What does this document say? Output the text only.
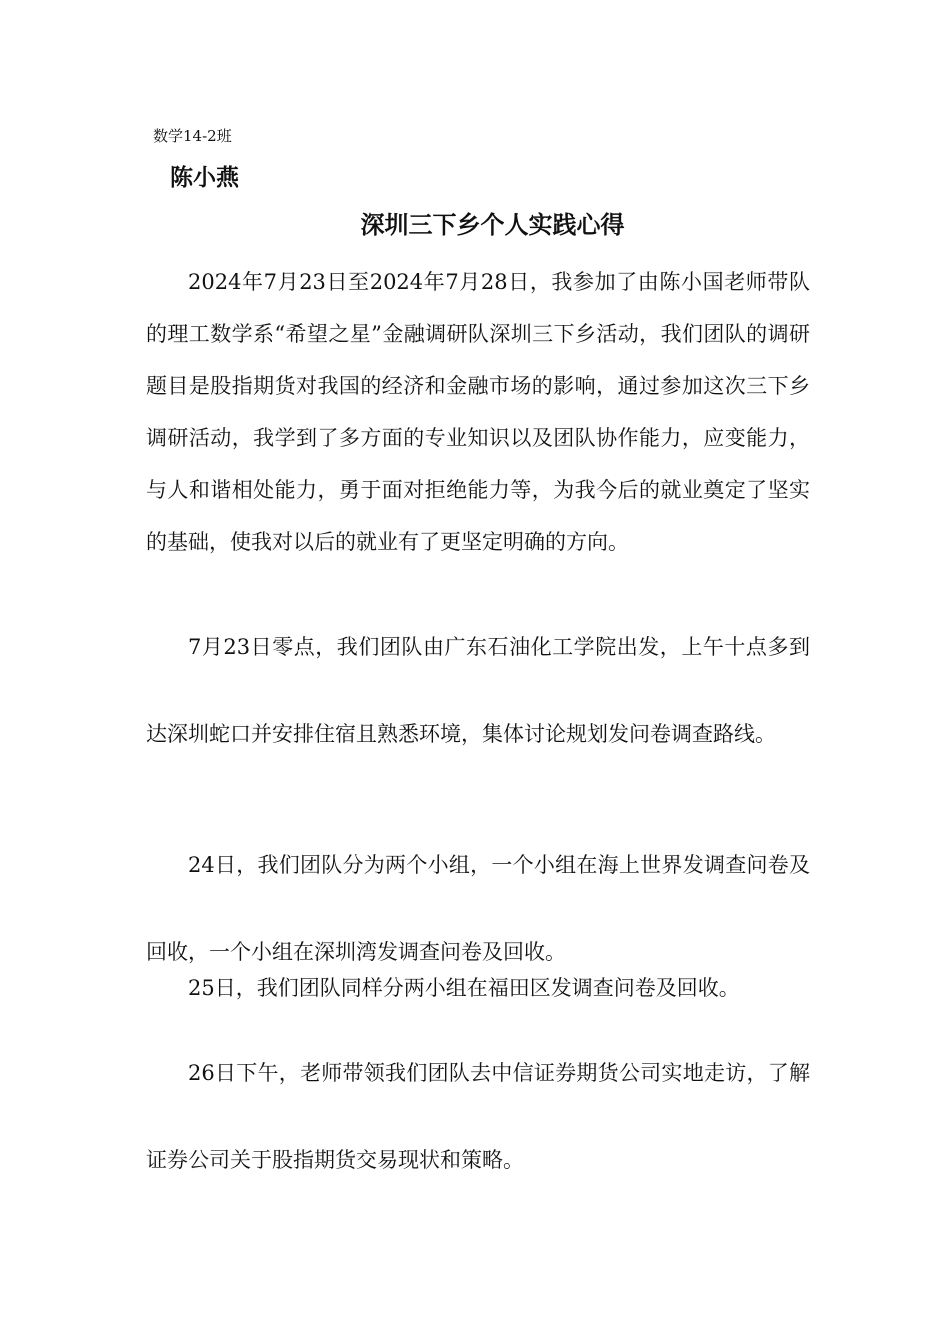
数学14-2班
陈小燕
深圳三下乡个人实践心得

2024年7月23日至2024年7月28日，我参加了由陈小国老师带队的理工数学系“希望之星”金融调研队深圳三下乡活动，我们团队的调研题目是股指期货对我国的经济和金融市场的影响，通过参加这次三下乡调研活动，我学到了多方面的专业知识以及团队协作能力，应变能力，与人和谐相处能力，勇于面对拒绝能力等，为我今后的就业奠定了坚实的基础，使我对以后的就业有了更坚定明确的方向。

7月23日零点，我们团队由广东石油化工学院出发，上午十点多到达深圳蛇口并安排住宿且熟悉环境，集体讨论规划发问卷调查路线。

24日，我们团队分为两个小组，一个小组在海上世界发调查问卷及回收，一个小组在深圳湾发调查问卷及回收。

25日，我们团队同样分两小组在福田区发调查问卷及回收。

26日下午，老师带领我们团队去中信证券期货公司实地走访，了解证券公司关于股指期货交易现状和策略。
